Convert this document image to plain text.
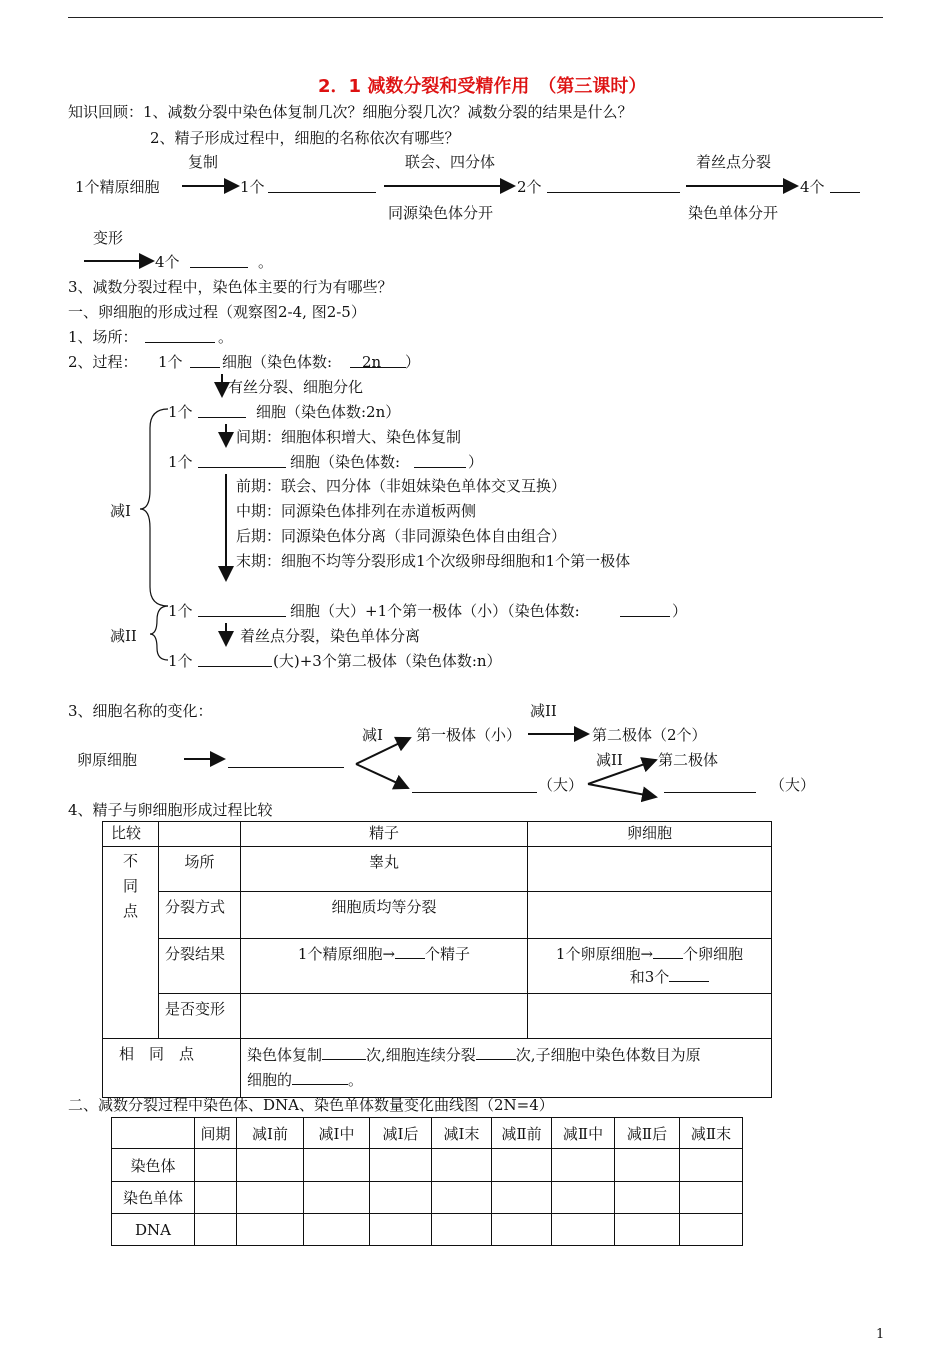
2．1 减数分裂和受精作用　（第三课时）
知识回顾：1、减数分裂中染色体复制几次？细胞分裂几次？减数分裂的结果是什么？
2、精子形成过程中，细胞的名称依次有哪些？
复制	联会、四分体	着丝点分裂
1个精原细胞	1个	2个	4个
同源染色体分开	染色单体分开
变形
4个	。
3、减数分裂过程中，染色体主要的行为有哪些？
一、卵细胞的形成过程（观察图2-4, 图2-5）
1、场所：	。
2、过程： 1个	细胞（染色体数: 2n ）
有丝分裂、细胞分化
1个	细胞（染色体数:2n）
间期：细胞体积增大、染色体复制
1个	细胞（染色体数:	）
减Ⅰ
前期：联会、四分体（非姐妹染色单体交叉互换）
中期：同源染色体排列在赤道板两侧
后期：同源染色体分离（非同源染色体自由组合）
末期：细胞不均等分裂形成1个次级卵母细胞和1个第一极体
1个	细胞（大）+1个第一极体（小）（染色体数:	）
减II	着丝点分裂，染色单体分离
1个	(大)+3个第二极体（染色体数:n）
3、细胞名称的变化：	减II
减Ⅰ 第一极体（小）	第二极体（2个）
卵原细胞	减II 第二极体
（大）	（大）
4、精子与卵细胞形成过程比较
比较		精子	卵细胞

不同点	场所	睾丸	
	分裂方式	细胞质均等分裂	
	分裂结果	1个精原细胞→ 个精子	1个卵原细胞→ 个卵细胞
和3个

	是否变形		
相　同　点		染色体复制 次,细胞连续分裂 次,子细胞中染色体数目为原
细胞的 。	
二、减数分裂过程中染色体、DNA、染色单体数量变化曲线图（2N=4）
	间期	减Ⅰ前	减Ⅰ中	减Ⅰ后	减Ⅰ末	减Ⅱ前	减Ⅱ中	减Ⅱ后	减Ⅱ末
染色体									
染色单体									
DNA									
1
